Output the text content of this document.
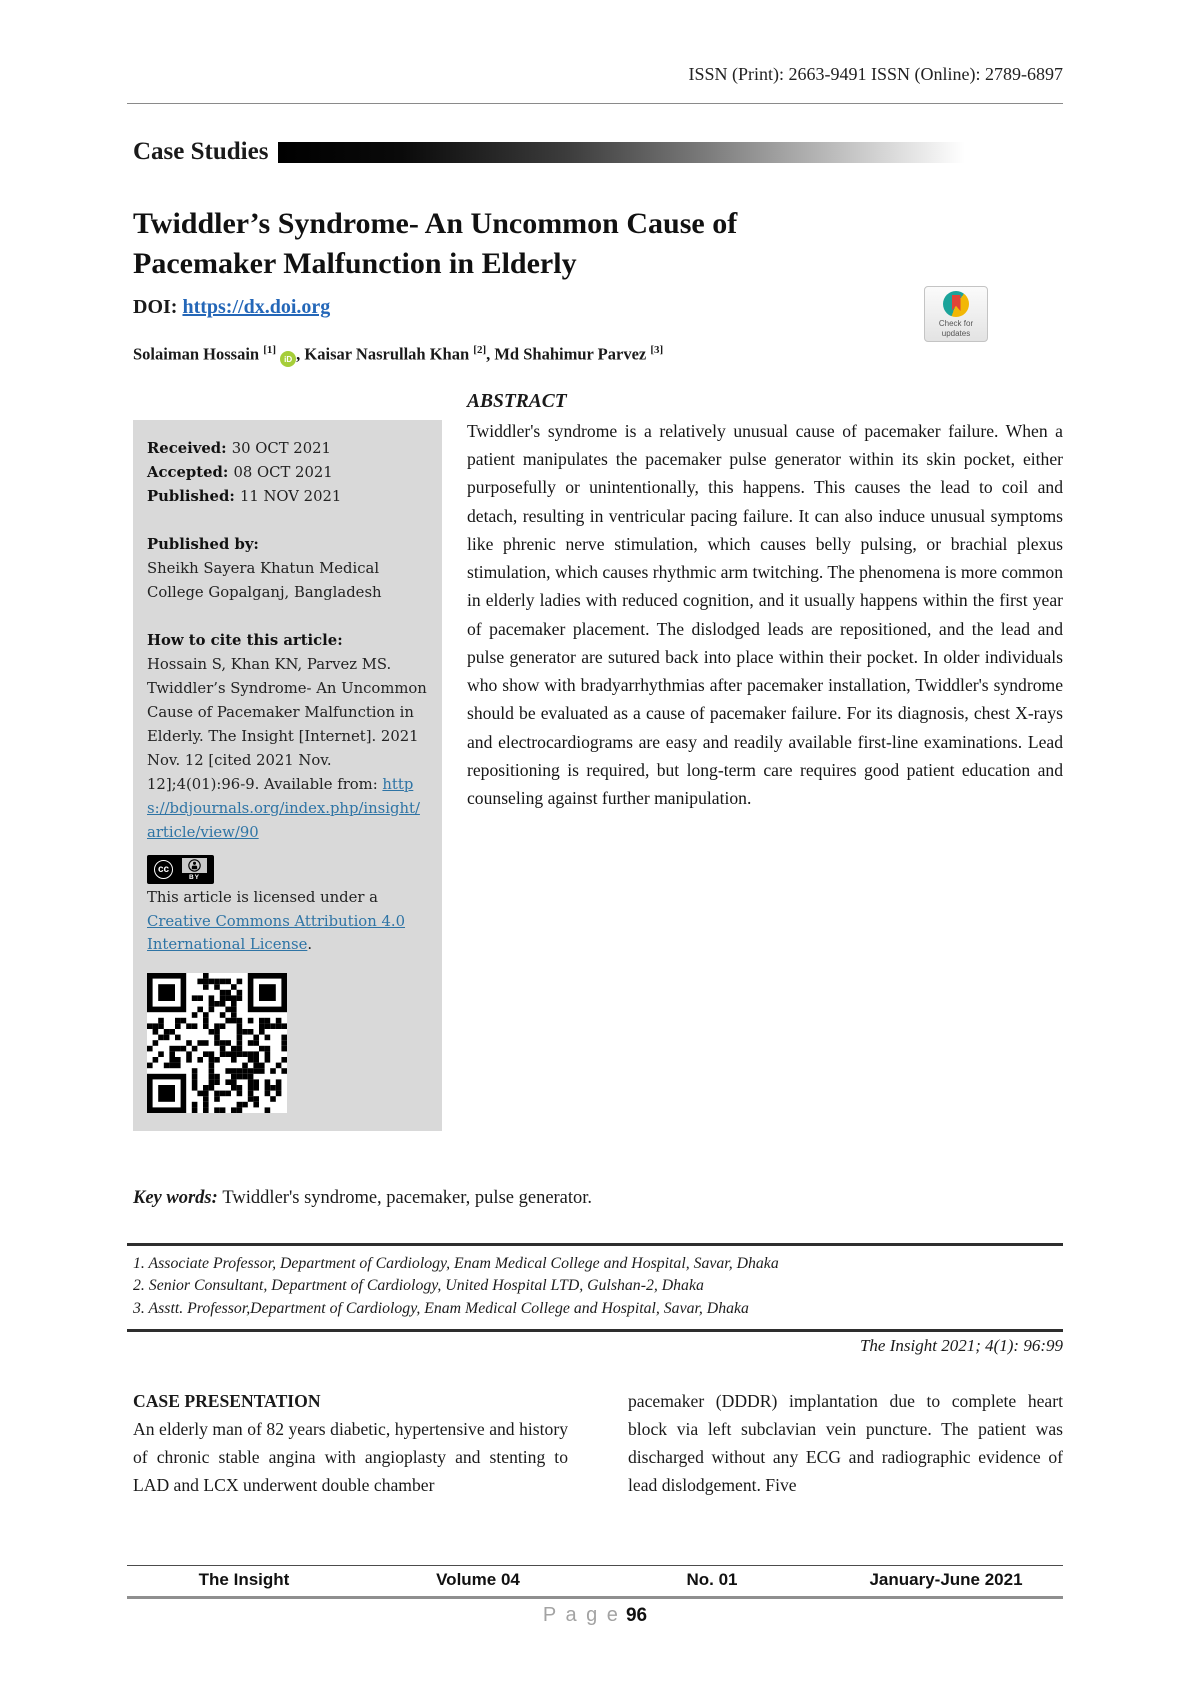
ISSN (Print): 2663-9491 ISSN (Online): 2789-6897
Case Studies
Twiddler’s Syndrome- An Uncommon Cause of Pacemaker Malfunction in Elderly
DOI: https://dx.doi.org
Check for
updates
Solaiman Hossain [1] iD , Kaisar Nasrullah Khan [2], Md Shahimur Parvez [3]
Received: 30 OCT 2021
Accepted: 08 OCT 2021
Published: 11 NOV 2021
Published by:
Sheikh Sayera Khatun Medical College Gopalganj, Bangladesh
How to cite this article:
Hossain S, Khan KN, Parvez MS. Twiddler’s Syndrome- An Uncommon Cause of Pacemaker Malfunction in Elderly. The Insight [Internet]. 2021 Nov. 12 [cited 2021 Nov. 12];4(01):96-9. Available from: https://bdjournals.org/index.php/insight/article/view/90
cc
BY
This article is licensed under a Creative Commons Attribution 4.0 International License.
ABSTRACT
Twiddler's syndrome is a relatively unusual cause of pacemaker failure. When a patient manipulates the pacemaker pulse generator within its skin pocket, either purposefully or unintentionally, this happens. This causes the lead to coil and detach, resulting in ventricular pacing failure. It can also induce unusual symptoms like phrenic nerve stimulation, which causes belly pulsing, or brachial plexus stimulation, which causes rhythmic arm twitching. The phenomena is more common in elderly ladies with reduced cognition, and it usually happens within the first year of pacemaker placement. The dislodged leads are repositioned, and the lead and pulse generator are sutured back into place within their pocket. In older individuals who show with bradyarrhythmias after pacemaker installation, Twiddler's syndrome should be evaluated as a cause of pacemaker failure. For its diagnosis, chest X-rays and electrocardiograms are easy and readily available first-line examinations. Lead repositioning is required, but long-term care requires good patient education and counseling against further manipulation.
Key words: Twiddler's syndrome, pacemaker, pulse generator.
1. Associate Professor, Department of Cardiology, Enam Medical College and Hospital, Savar, Dhaka
2. Senior Consultant, Department of Cardiology, United Hospital LTD, Gulshan-2, Dhaka
3. Asstt. Professor,Department of Cardiology, Enam Medical College and Hospital, Savar, Dhaka
The Insight 2021; 4(1): 96:99
CASE PRESENTATION
An elderly man of 82 years diabetic, hypertensive and history of chronic stable angina with angioplasty and stenting to LAD and LCX underwent double chamber
pacemaker (DDDR) implantation due to complete heart block via left subclavian vein puncture. The patient was discharged without any ECG and radiographic evidence of lead dislodgement. Five
The Insight	Volume 04	No. 01	January-June 2021
P a g e 96
